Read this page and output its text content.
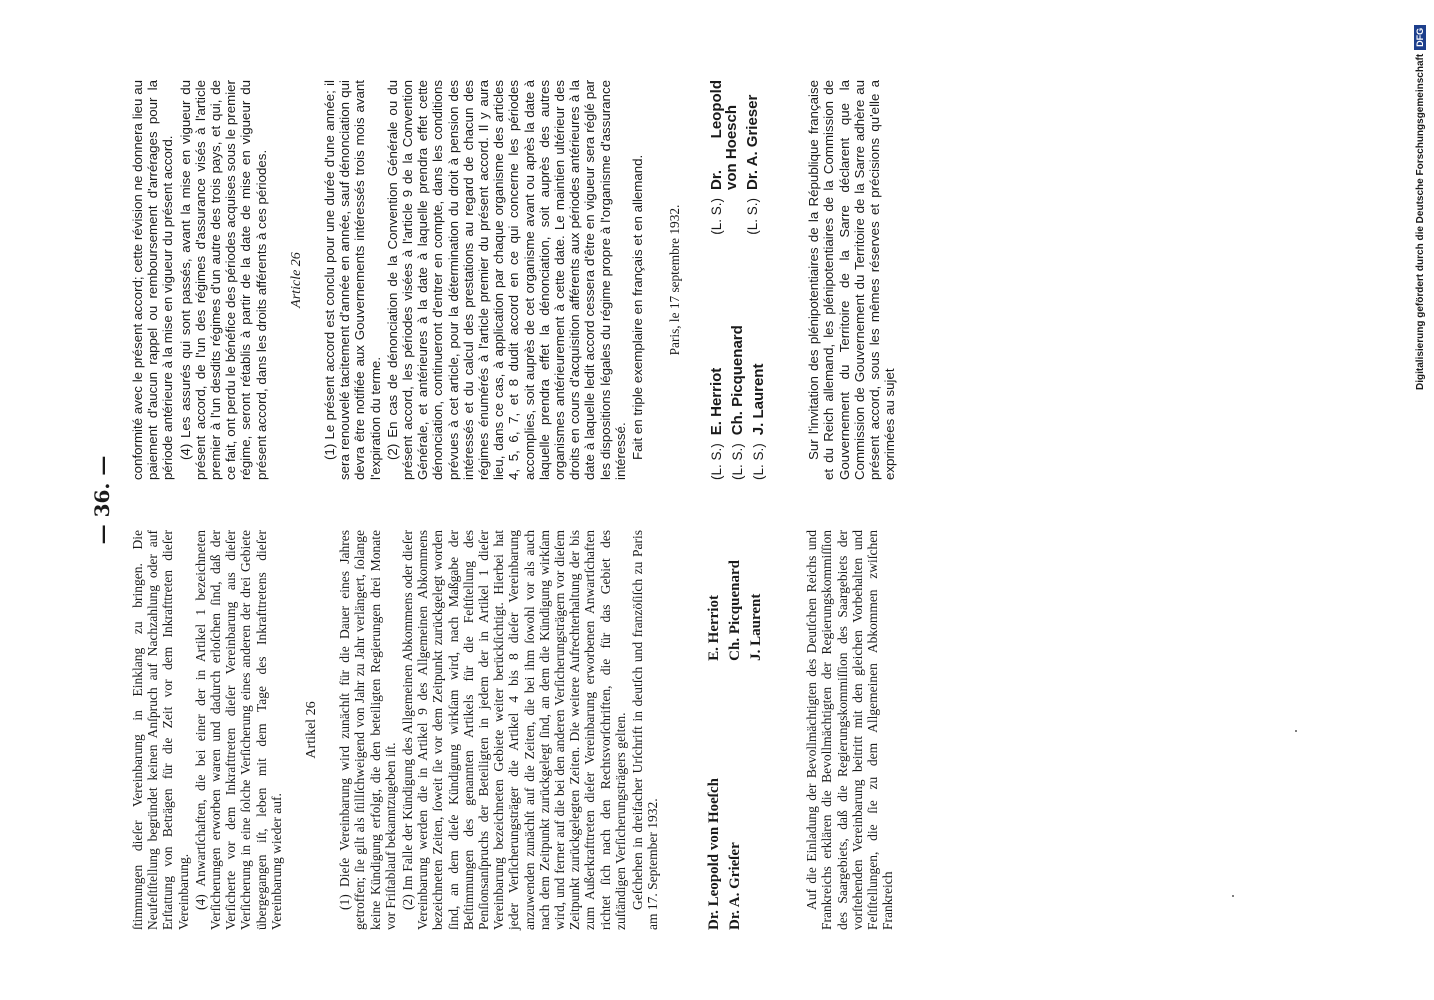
— 36. —

ſtimmungen dieſer Vereinbarung in Einklang zu bringen. Die Neufeſtſtellung begründet keinen Anſpruch auf Nachzahlung oder auf Erſtattung von Beträgen für die Zeit vor dem Inkrafttreten dieſer Vereinbarung. (4) Anwartſchaften, die bei einer der in Artikel 1 bezeichneten Verſicherungen erworben waren und dadurch erloſchen ſind, daß der Verſicherte vor dem Inkrafttreten dieſer Vereinbarung aus dieſer Verſicherung in eine ſolche Verſicherung eines anderen der drei Gebiete übergegangen iſt, leben mit dem Tage des Inkrafttretens dieſer Vereinbarung wieder auf.

Artikel 26 (1) Dieſe Vereinbarung wird zunächſt für die Dauer eines Jahres getroffen; ſie gilt als ſtillſchweigend von Jahr zu Jahr verlängert, ſolange keine Kündigung erfolgt, die den beteiligten Regierungen drei Monate vor Friſtablauf bekanntzugeben iſt. (2) Im Falle der Kündigung des Allgemeinen Abkommens oder dieſer Vereinbarung werden die in Artikel 9 des Allgemeinen Abkommens bezeichneten Zeiten, ſoweit ſie vor dem Zeitpunkt zurückgelegt worden ſind, an dem dieſe Kündigung wirkſam wird, nach Maßgabe der Beſtimmungen des genannten Artikels für die Feſtſtellung des Penſionsanſpruchs der Beteiligten in jedem der in Artikel 1 dieſer Vereinbarung bezeichneten Gebiete weiter berückſichtigt. Hierbei hat jeder Verſicherungsträger die Artikel 4 bis 8 dieſer Vereinbarung anzuwenden zunächſt auf die Zeiten, die bei ihm ſowohl vor als auch nach dem Zeitpunkt zurückgelegt ſind, an dem die Kündigung wirkſam wird, und ferner auf die bei den anderen Verſicherungsträgern vor dieſem Zeitpunkt zurückgelegten Zeiten. Die weitere Aufrechterhaltung der bis zum Außerkrafttreten dieſer Vereinbarung erworbenen Anwartſchaften richtet ſich nach den Rechtsvorſchriften, die für das Gebiet des zuſtändigen Verſicherungsträgers gelten. Geſchehen in dreifacher Urſchrift in deutſch und franzöſiſch zu Paris am 17. September 1932.	Dr. Leopold von Hoeſch Dr. A. Grieſer
E. Herriot Ch. Picquenard J. Laurent	Auf die Einladung der Bevollmächtigten des Deutſchen Reichs und Frankreichs erklären die Bevollmächtigten der Regierungskommiſſion des Saargebiets, daß die Regierungskommiſſion des Saargebiets der vorſtehenden Vereinbarung beitritt mit den gleichen Vorbehalten und Feſtſtellungen, die ſie zu dem Allgemeinen Abkommen zwiſchen Frankreich

conformité avec le présent accord; cette révision ne donnera lieu au paiement d'aucun rappel ou remboursement d'arrérages pour la période antérieure à la mise en vigueur du présent accord. (4) Les assurés qui sont passés, avant la mise en vigueur du présent accord, de l'un des régimes d'assurance visés à l'article premier à l'un desdits régimes d'un autre des trois pays, et qui, de ce fait, ont perdu le bénéfice des périodes acquises sous le premier régime, seront rétablis à partir de la date de mise en vigueur du présent accord, dans les droits afférents à ces périodes. Article 26 (1) Le présent accord est conclu pour une durée d'une année; il sera renouvelé tacitement d'année en année, sauf dénonciation qui devra être notifiée aux Gouvernements intéressés trois mois avant l'expiration du terme. (2) En cas de dénonciation de la Convention Générale ou du présent accord, les périodes visées à l'article 9 de la Convention Générale, et antérieures à la date à laquelle prendra effet cette dénonciation, continueront d'entrer en compte, dans les conditions prévues à cet article, pour la détermination du droit à pension des intéressés et du calcul des prestations au regard de chacun des régimes énumérés à l'article premier du présent accord. Il y aura lieu, dans ce cas, à application par chaque organisme des articles 4, 5, 6, 7, et 8 dudit accord en ce qui concerne les périodes accomplies, soit auprès de cet organisme avant ou après la date à laquelle prendra effet la dénonciation, soit auprès des autres organismes antérieurement à cette date. Le maintien ultérieur des droits en cours d'acquisition afférents aux périodes antérieures à la date à laquelle ledit accord cessera d'être en vigueur sera réglé par les dispositions légales du régime propre à l'organisme d'assurance intéressé. Fait en triple exemplaire en français et en allemand. Paris, le 17 septembre 1932.
(L. S.)
E. Herriot
(L. S.)
Ch. Picquenard
(L. S.)
J. Laurent
(L. S.)
Dr. Leopold von Hoesch
(L. S.)
Dr. A. Grieser	Sur l'invitation des plénipotentiaires de la République française et du Reich allemand, les plénipotentiaires de la Commission de Gouvernement du Territoire de la Sarre déclarent que la Commission de Gouvernement du Territoire de la Sarre adhère au présent accord, sous les mêmes réserves et précisions qu'elle a exprimées au sujet

Digitalisierung gefördert durch die Deutsche Forschungsgemeinschaft
DFG
